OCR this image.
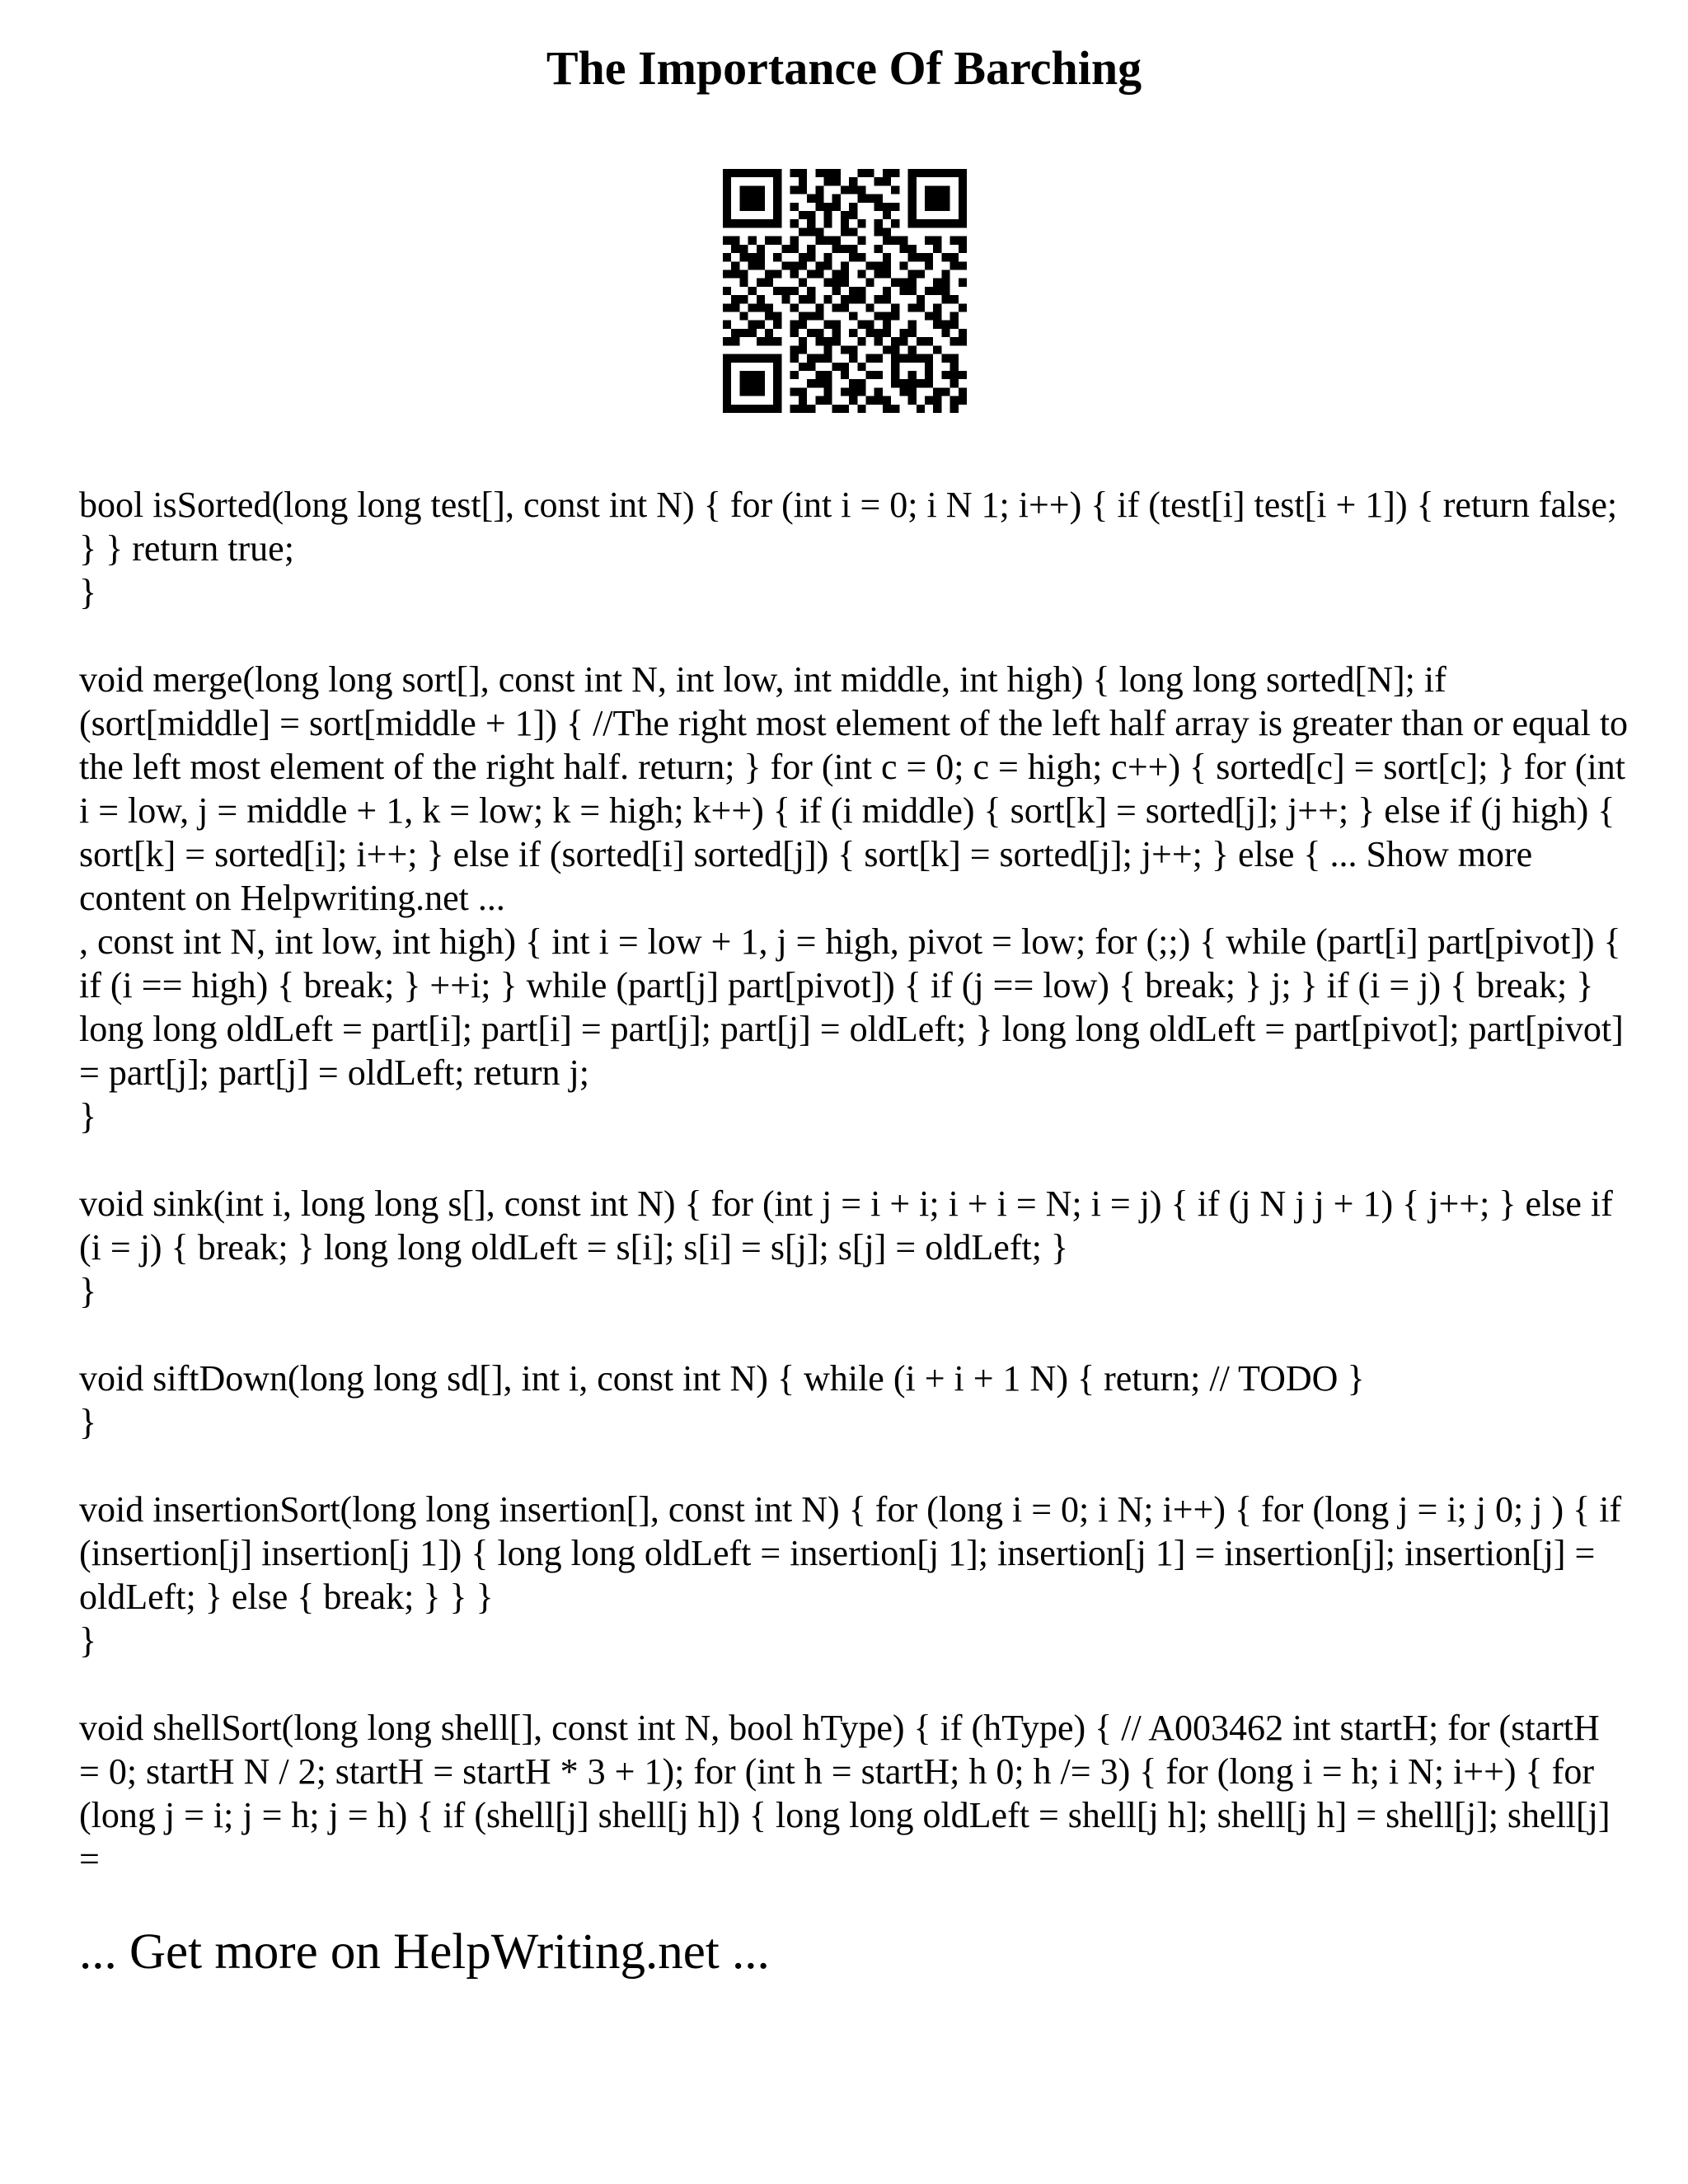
The Importance Of Barching

bool isSorted(long long test[], const int N) { for (int i = 0; i N 1; i++) { if (test[i] test[i + 1]) { return false; } } return true;
}

void merge(long long sort[], const int N, int low, int middle, int high) { long long sorted[N]; if (sort[middle] = sort[middle + 1]) { //The right most element of the left half array is greater than or equal to the left most element of the right half. return; } for (int c = 0; c = high; c++) { sorted[c] = sort[c]; } for (int i = low, j = middle + 1, k = low; k = high; k++) { if (i middle) { sort[k] = sorted[j]; j++; } else if (j high) { sort[k] = sorted[i]; i++; } else if (sorted[i] sorted[j]) { sort[k] = sorted[j]; j++; } else { ... Show more content on Helpwriting.net ...
, const int N, int low, int high) { int i = low + 1, j = high, pivot = low; for (;;) { while (part[i] part[pivot]) { if (i == high) { break; } ++i; } while (part[j] part[pivot]) { if (j == low) { break; } j; } if (i = j) { break; } long long oldLeft = part[i]; part[i] = part[j]; part[j] = oldLeft; } long long oldLeft = part[pivot]; part[pivot] = part[j]; part[j] = oldLeft; return j;
}

void sink(int i, long long s[], const int N) { for (int j = i + i; i + i = N; i = j) { if (j N j j + 1) { j++; } else if (i = j) { break; } long long oldLeft = s[i]; s[i] = s[j]; s[j] = oldLeft; }
}

void siftDown(long long sd[], int i, const int N) { while (i + i + 1 N) { return; // TODO }
}

void insertionSort(long long insertion[], const int N) { for (long i = 0; i N; i++) { for (long j = i; j 0; j ) { if (insertion[j] insertion[j 1]) { long long oldLeft = insertion[j 1]; insertion[j 1] = insertion[j]; insertion[j] = oldLeft; } else { break; } } }
}

void shellSort(long long shell[], const int N, bool hType) { if (hType) { // A003462 int startH; for (startH = 0; startH N / 2; startH = startH * 3 + 1); for (int h = startH; h 0; h /= 3) { for (long i = h; i N; i++) { for (long j = i; j = h; j = h) { if (shell[j] shell[j h]) { long long oldLeft = shell[j h]; shell[j h] = shell[j]; shell[j] =

... Get more on HelpWriting.net ...
